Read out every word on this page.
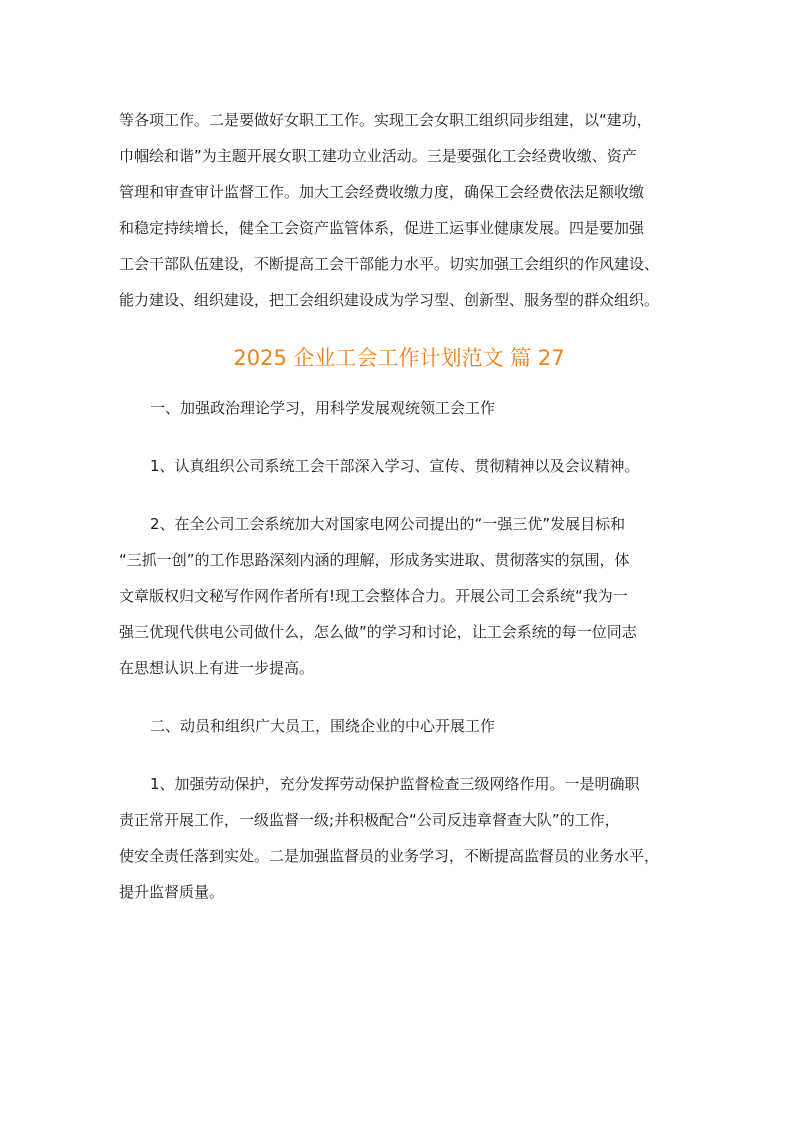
等各项工作。二是要做好女职工工作。实现工会女职工组织同步组建，以“建功，
巾帼绘和谐”为主题开展女职工建功立业活动。三是要强化工会经费收缴、资产
管理和审查审计监督工作。加大工会经费收缴力度，确保工会经费依法足额收缴
和稳定持续增长，健全工会资产监管体系，促进工运事业健康发展。四是要加强
工会干部队伍建设，不断提高工会干部能力水平。切实加强工会组织的作风建设、
能力建设、组织建设，把工会组织建设成为学习型、创新型、服务型的群众组织。

2025 企业工会工作计划范文 篇 27

一、加强政治理论学习，用科学发展观统领工会工作

1、认真组织公司系统工会干部深入学习、宣传、贯彻精神以及会议精神。

2、在全公司工会系统加大对国家电网公司提出的“一强三优”发展目标和
“三抓一创”的工作思路深刻内涵的理解，形成务实进取、贯彻落实的氛围，体
文章版权归文秘写作网作者所有!现工会整体合力。开展公司工会系统“我为一
强三优现代供电公司做什么，怎么做”的学习和讨论，让工会系统的每一位同志
在思想认识上有进一步提高。

二、动员和组织广大员工，围绕企业的中心开展工作

1、加强劳动保护，充分发挥劳动保护监督检查三级网络作用。一是明确职
责正常开展工作，一级监督一级;并积极配合“公司反违章督查大队”的工作，
使安全责任落到实处。二是加强监督员的业务学习，不断提高监督员的业务水平，
提升监督质量。
